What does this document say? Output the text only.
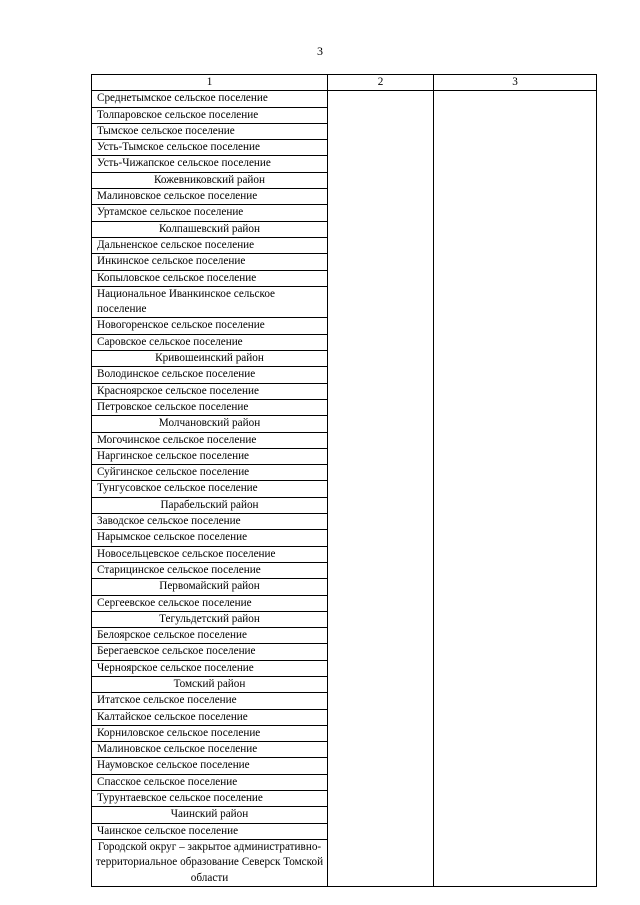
3
1	2	3
Среднетымское сельское поселение		
Толпаровское сельское поселение		
Тымское сельское поселение		
Усть-Тымское сельское поселение		
Усть-Чижапское сельское поселение		
Кожевниковский район		
Малиновское сельское поселение		
Уртамское сельское поселение		
Колпашевский район		
Дальненское сельское поселение		
Инкинское сельское поселение		
Копыловское сельское поселение		
Национальное Иванкинское сельское поселение		
Новогоренское сельское поселение		
Саровское сельское поселение		
Кривошеинский район		
Володинское сельское поселение		
Красноярское сельское поселение		
Петровское сельское поселение		
Молчановский район		
Могочинское сельское поселение		
Наргинское сельское поселение		
Суйгинское сельское поселение		
Тунгусовское сельское поселение		
Парабельский район		
Заводское сельское поселение		
Нарымское сельское поселение		
Новосельцевское сельское поселение		
Старицинское сельское поселение		
Первомайский район		
Сергеевское сельское поселение		
Тегульдетский район		
Белоярское сельское поселение		
Берегаевское сельское поселение		
Черноярское сельское поселение		
Томский район		
Итатское сельское поселение		
Калтайское сельское поселение		
Корниловское сельское поселение		
Малиновское сельское поселение		
Наумовское сельское поселение		
Спасское сельское поселение		
Турунтаевское сельское поселение		
Чаинский район		
Чаинское сельское поселение		
Городской округ – закрытое административно-территориальное образование Северск Томской области		
